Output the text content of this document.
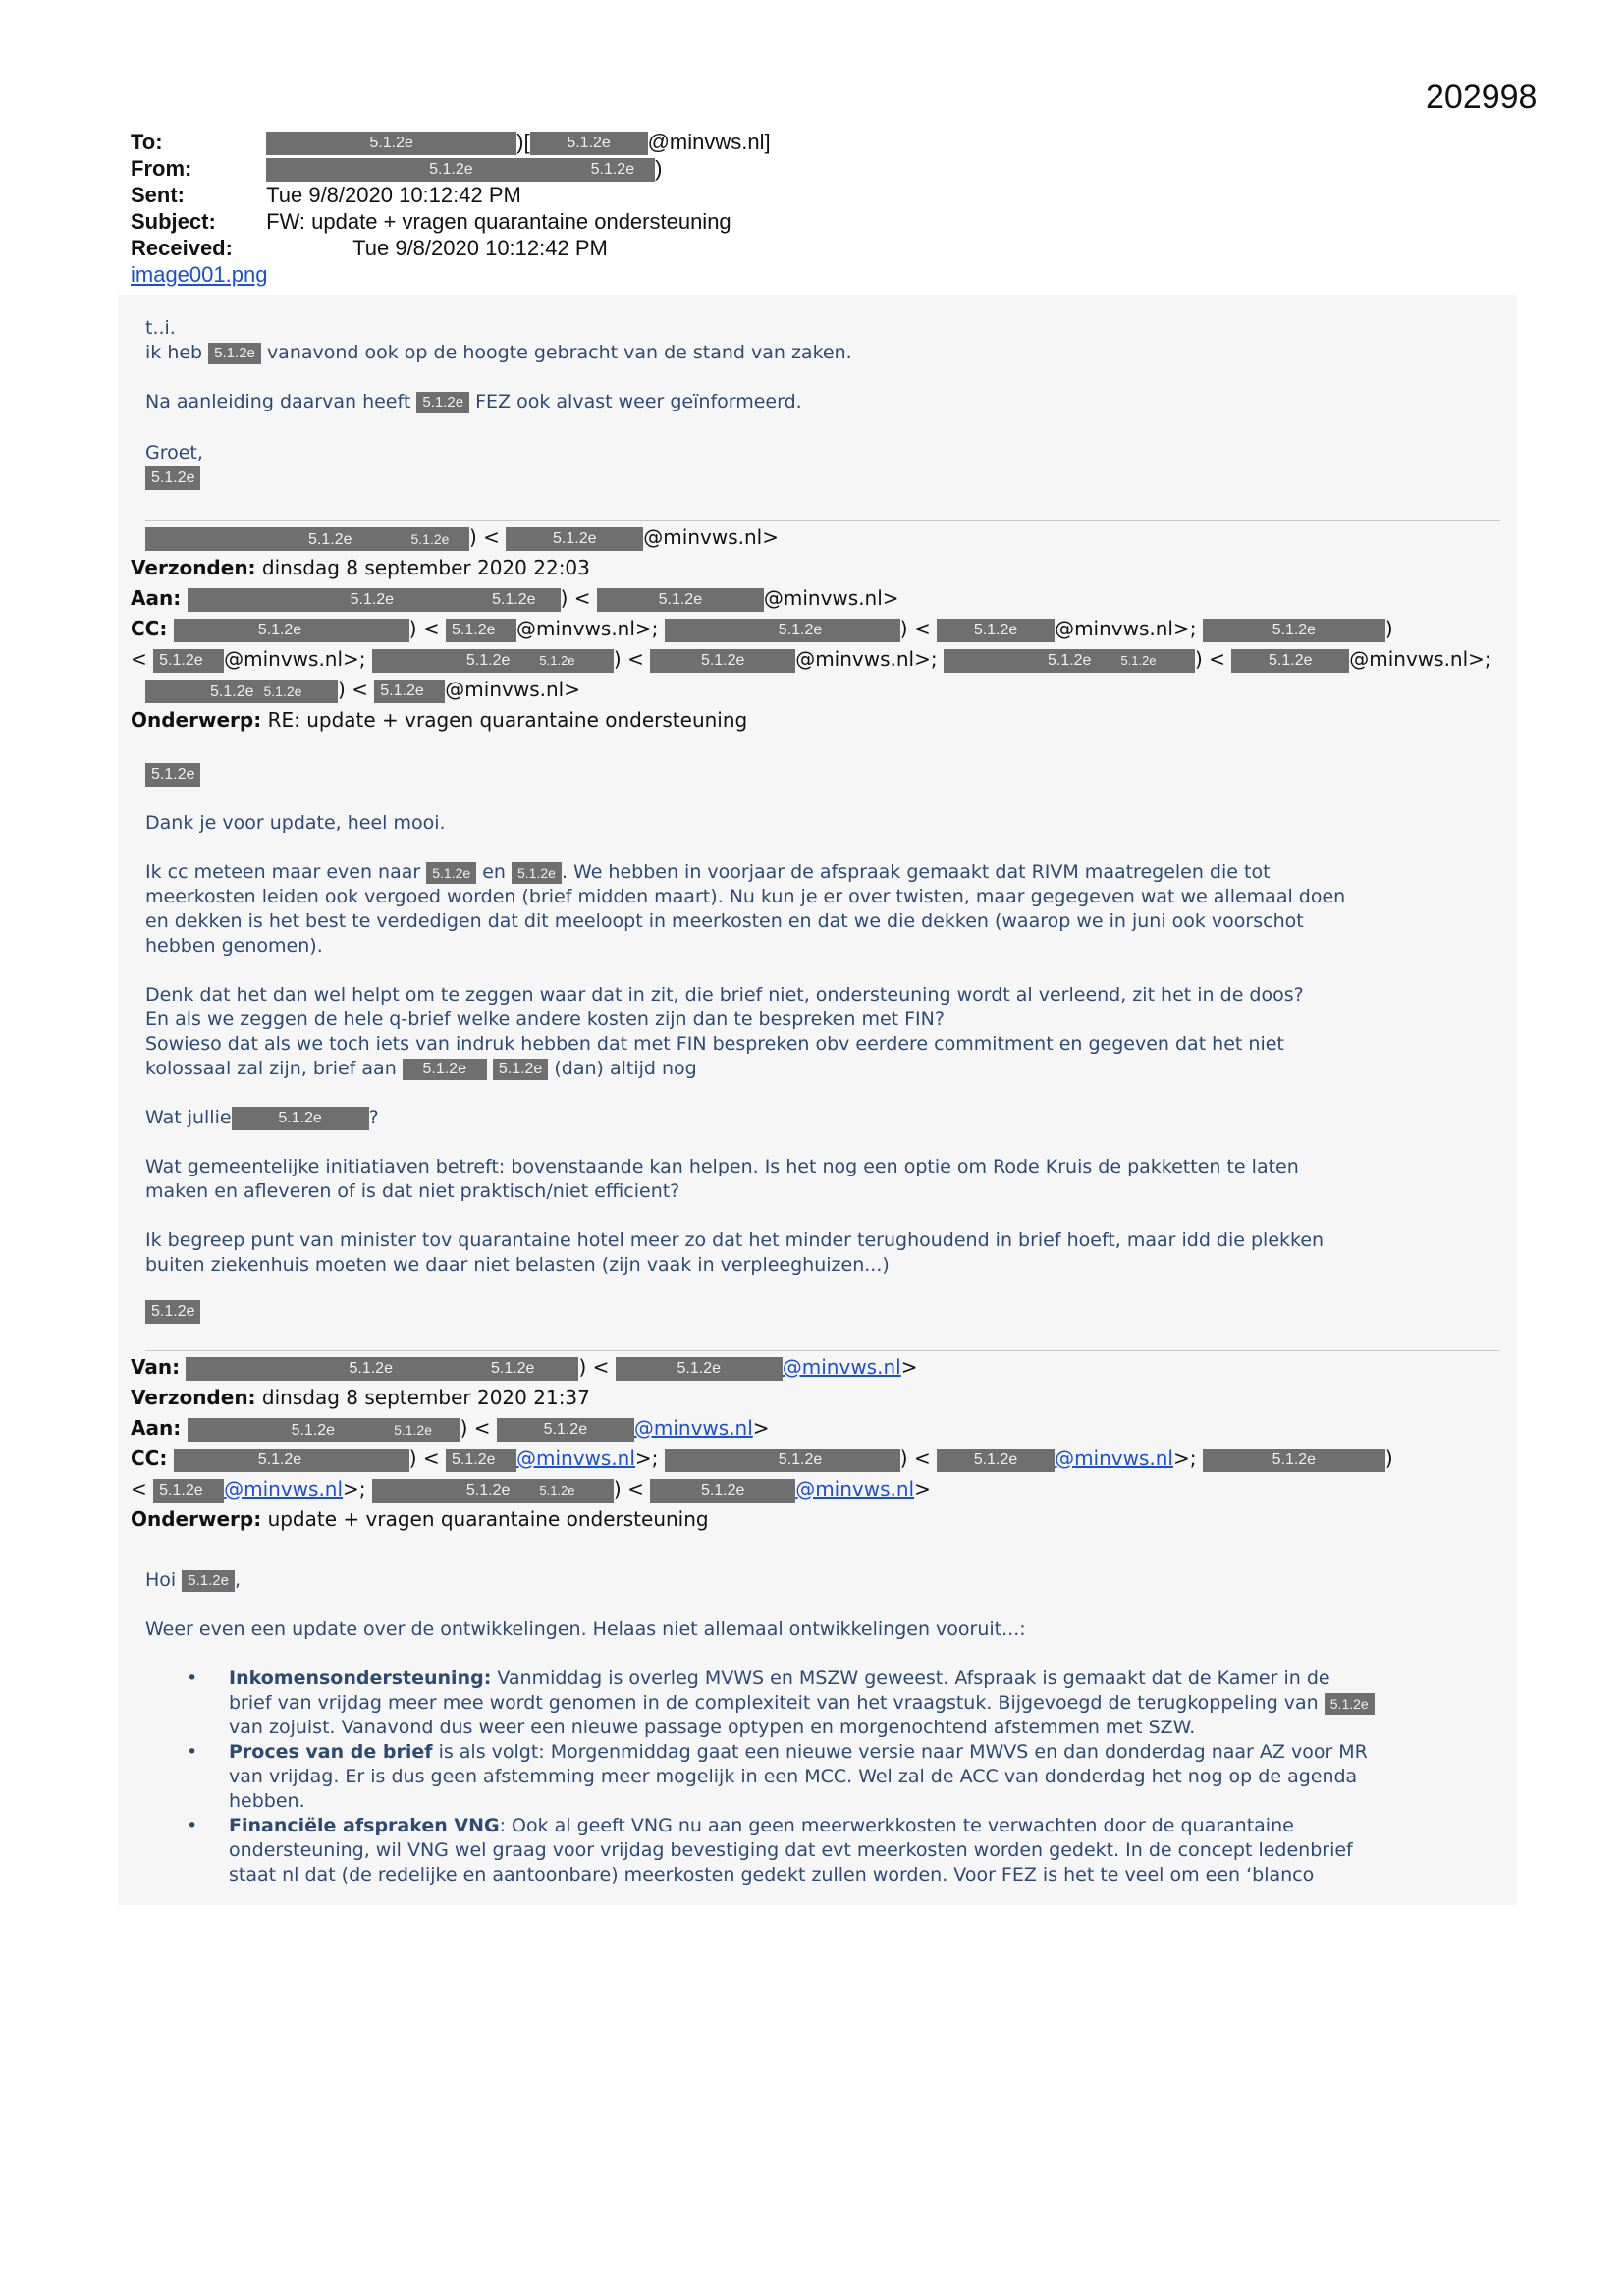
202998
To:	5.1.2e	)[ 5.1.2e @minvws.nl]
From:	5.1.2e	5.1.2e )
Sent:	Tue 9/8/2020 10:12:42 PM
Subject: FW: update + vragen quarantaine ondersteuning
Received:	Tue 9/8/2020 10:12:42 PM
image001.png

t..i.

ik heb 5.1.2e vanavond ook op de hoogte gebracht van de stand van zaken.

Na aanleiding daarvan heeft 5.1.2e FEZ ook alvast weer geïnformeerd.

Groet,

5.1.2e

5.1.2e	5.1.2e ) <	5.1.2e @minvws.nl>
Verzonden: dinsdag 8 september 2020 22:03
Aan:	5.1.2e	5.1.2e ) <	5.1.2e	@minvws.nl>
CC:	5.1.2e	) < 5.1.2e @minvws.nl>;	5.1.2e	) < 5.1.2e @minvws.nl>;	5.1.2e	)
< 5.1.2e @minvws.nl>;	5.1.2e 5.1.2e ) <	5.1.2e	@minvws.nl>;	5.1.2e 5.1.2e ) < 5.1.2e @minvws.nl>;
5.1.2e 5.1.2e ) < 5.1.2e @minvws.nl>
Onderwerp: RE: update + vragen quarantaine ondersteuning

5.1.2e

Dank je voor update, heel mooi.

Ik cc meteen maar even naar 5.1.2e en 5.1.2e . We hebben in voorjaar de afspraak gemaakt dat RIVM maatregelen die tot

meerkosten leiden ook vergoed worden (brief midden maart). Nu kun je er over twisten, maar gegegeven wat we allemaal doen

en dekken is het best te verdedigen dat dit meeloopt in meerkosten en dat we die dekken (waarop we in juni ook voorschot

hebben genomen).

Denk dat het dan wel helpt om te zeggen waar dat in zit, die brief niet, ondersteuning wordt al verleend, zit het in de doos?

En als we zeggen de hele q-brief welke andere kosten zijn dan te bespreken met FIN?

Sowieso dat als we toch iets van indruk hebben dat met FIN bespreken obv eerdere commitment en gegeven dat het niet

kolossaal zal zijn, brief aan 5.1.2e 5.1.2e (dan) altijd nog

Wat jullie	5.1.2e	?

Wat gemeentelijke initiatiaven betreft: bovenstaande kan helpen. Is het nog een optie om Rode Kruis de pakketten te laten

maken en afleveren of is dat niet praktisch/niet efficient?

Ik begreep punt van minister tov quarantaine hotel meer zo dat het minder terughoudend in brief hoeft, maar idd die plekken

buiten ziekenhuis moeten we daar niet belasten (zijn vaak in verpleeghuizen...)

5.1.2e

Van:	5.1.2e	5.1.2e ) <	5.1.2e	@minvws.nl>
Verzonden: dinsdag 8 september 2020 21:37
Aan:	5.1.2e	5.1.2e ) <	5.1.2e @minvws.nl>
CC:	5.1.2e	) < 5.1.2e @minvws.nl>;	5.1.2e	) < 5.1.2e @minvws.nl>;	5.1.2e	)
< 5.1.2e @minvws.nl>;	5.1.2e 5.1.2e ) <	5.1.2e	@minvws.nl>
Onderwerp: update + vragen quarantaine ondersteuning

Hoi 5.1.2e ,

Weer even een update over de ontwikkelingen. Helaas niet allemaal ontwikkelingen vooruit...:

• Inkomensondersteuning: Vanmiddag is overleg MVWS en MSZW geweest. Afspraak is gemaakt dat de Kamer in de
brief van vrijdag meer mee wordt genomen in de complexiteit van het vraagstuk. Bijgevoegd de terugkoppeling van 5.1.2e
van zojuist. Vanavond dus weer een nieuwe passage optypen en morgenochtend afstemmen met SZW.
• Proces van de brief is als volgt: Morgenmiddag gaat een nieuwe versie naar MWVS en dan donderdag naar AZ voor MR
van vrijdag. Er is dus geen afstemming meer mogelijk in een MCC. Wel zal de ACC van donderdag het nog op de agenda
hebben.
• Financiële afspraken VNG: Ook al geeft VNG nu aan geen meerwerkkosten te verwachten door de quarantaine
ondersteuning, wil VNG wel graag voor vrijdag bevestiging dat evt meerkosten worden gedekt. In de concept ledenbrief
staat nl dat (de redelijke en aantoonbare) meerkosten gedekt zullen worden. Voor FEZ is het te veel om een ‘blanco
